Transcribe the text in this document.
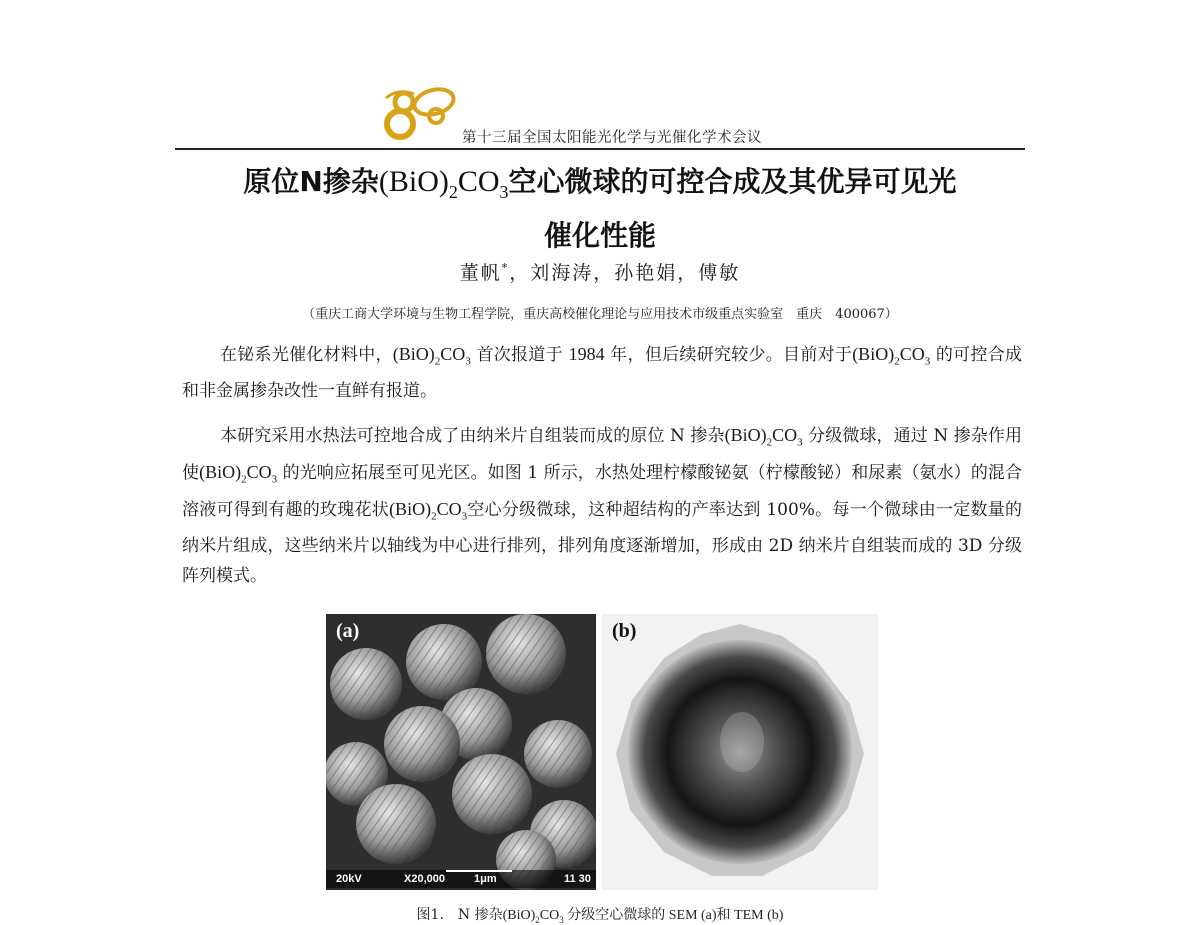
第十三届全国太阳能光化学与光催化学术会议
原位N掺杂$(BiO)_2CO_3$空心微球的可控合成及其优异可见光
催化性能
董帆*，刘海涛，孙艳娟，傅敏
（重庆工商大学环境与生物工程学院，重庆高校催化理论与应用技术市级重点实验室　重庆　400067）

在铋系光催化材料中，$(BiO)_2CO_3$ 首次报道于 1984 年，但后续研究较少。目前对于$(BiO)_2CO_3$ 的可控合成和非金属掺杂改性一直鲜有报道。

本研究采用水热法可控地合成了由纳米片自组装而成的原位 N 掺杂$(BiO)_2CO_3$ 分级微球，通过 N 掺杂作用使$(BiO)_2CO_3$ 的光响应拓展至可见光区。如图 1 所示，水热处理柠檬酸铋氨（柠檬酸铋）和尿素（氨水）的混合溶液可得到有趣的玫瑰花状$(BiO)_2CO_3$空心分级微球，这种超结构的产率达到 100%。每一个微球由一定数量的纳米片组成，这些纳米片以轴线为中心进行排列，排列角度逐渐增加，形成由 2D 纳米片自组装而成的 3D 分级阵列模式。

(a)
20kV	X20,000	1μm	11 30
(b)
图1.　N 掺杂$(BiO)_2CO_3$ 分级空心微球的 SEM (a)和 TEM (b)
